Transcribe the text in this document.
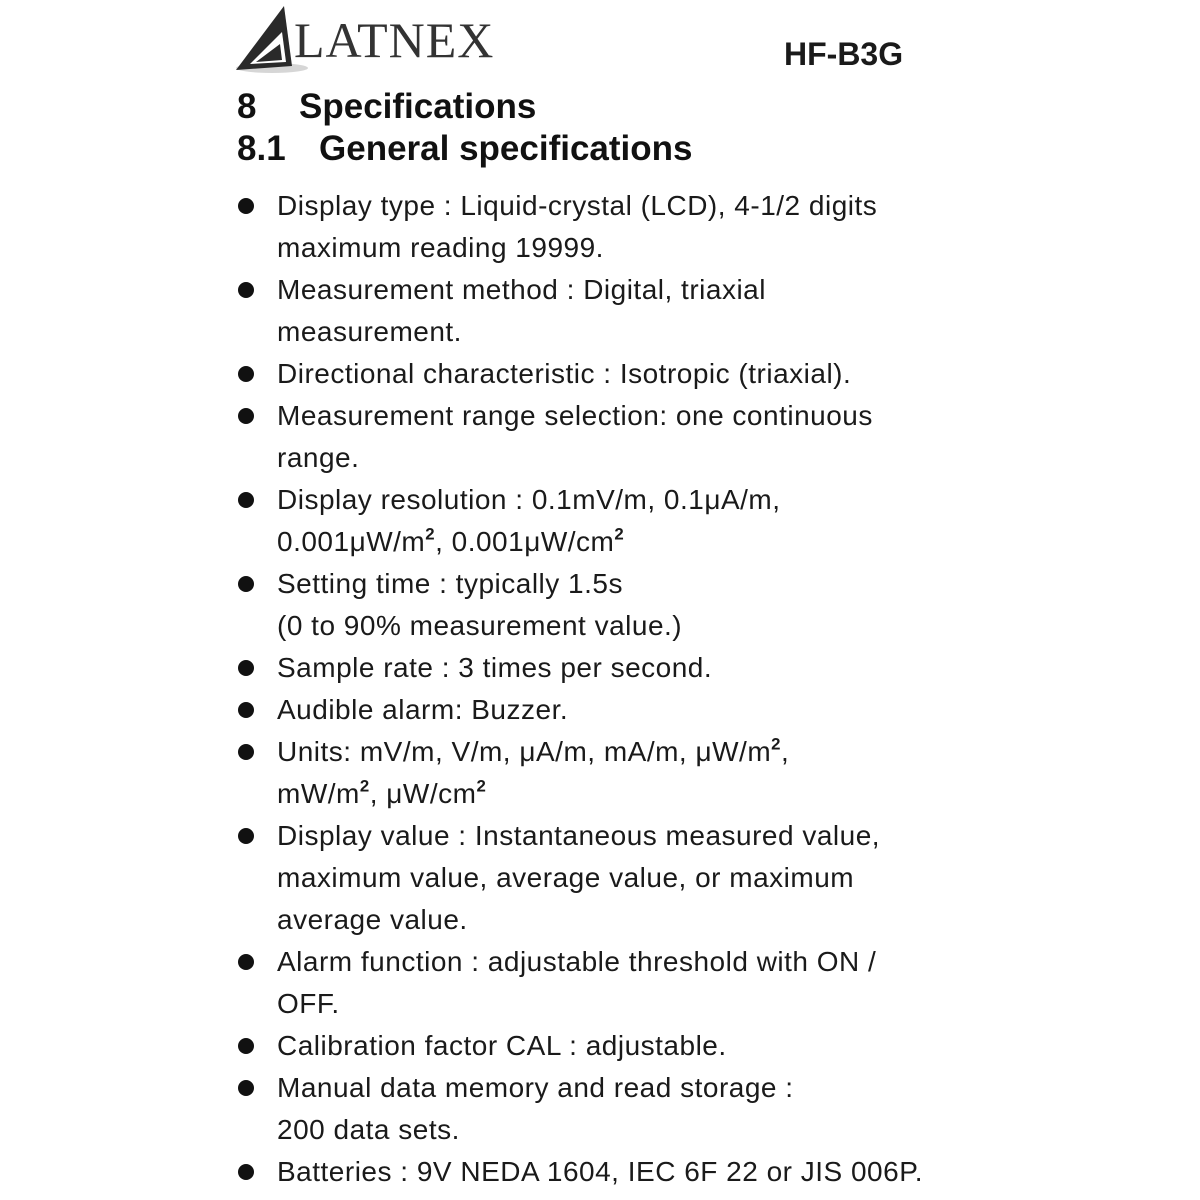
LATNEX	HF-B3G
8 Specifications
8.1 General specifications
Display type : Liquid-crystal (LCD), 4-1/2 digits
maximum reading 19999.
Measurement method : Digital, triaxial
measurement.
Directional characteristic : Isotropic (triaxial).
Measurement range selection: one continuous
range.
Display resolution : 0.1mV/m, 0.1μA/m,
$0.001\mu W/m^2$, $0.001\mu W/cm^2$
Setting time : typically 1.5s
(0 to 90% measurement value.)
Sample rate : 3 times per second.
Audible alarm: Buzzer.
Units: mV/m, V/m, μA/m, mA/m, $\mu W/m^2$,
$mW/m^2$, $\mu W/cm^2$
Display value : Instantaneous measured value,
maximum value, average value, or maximum
average value.
Alarm function : adjustable threshold with ON /
OFF.
Calibration factor CAL : adjustable.
Manual data memory and read storage :
200 data sets.
Batteries : 9V NEDA 1604, IEC 6F 22 or JIS 006P.
